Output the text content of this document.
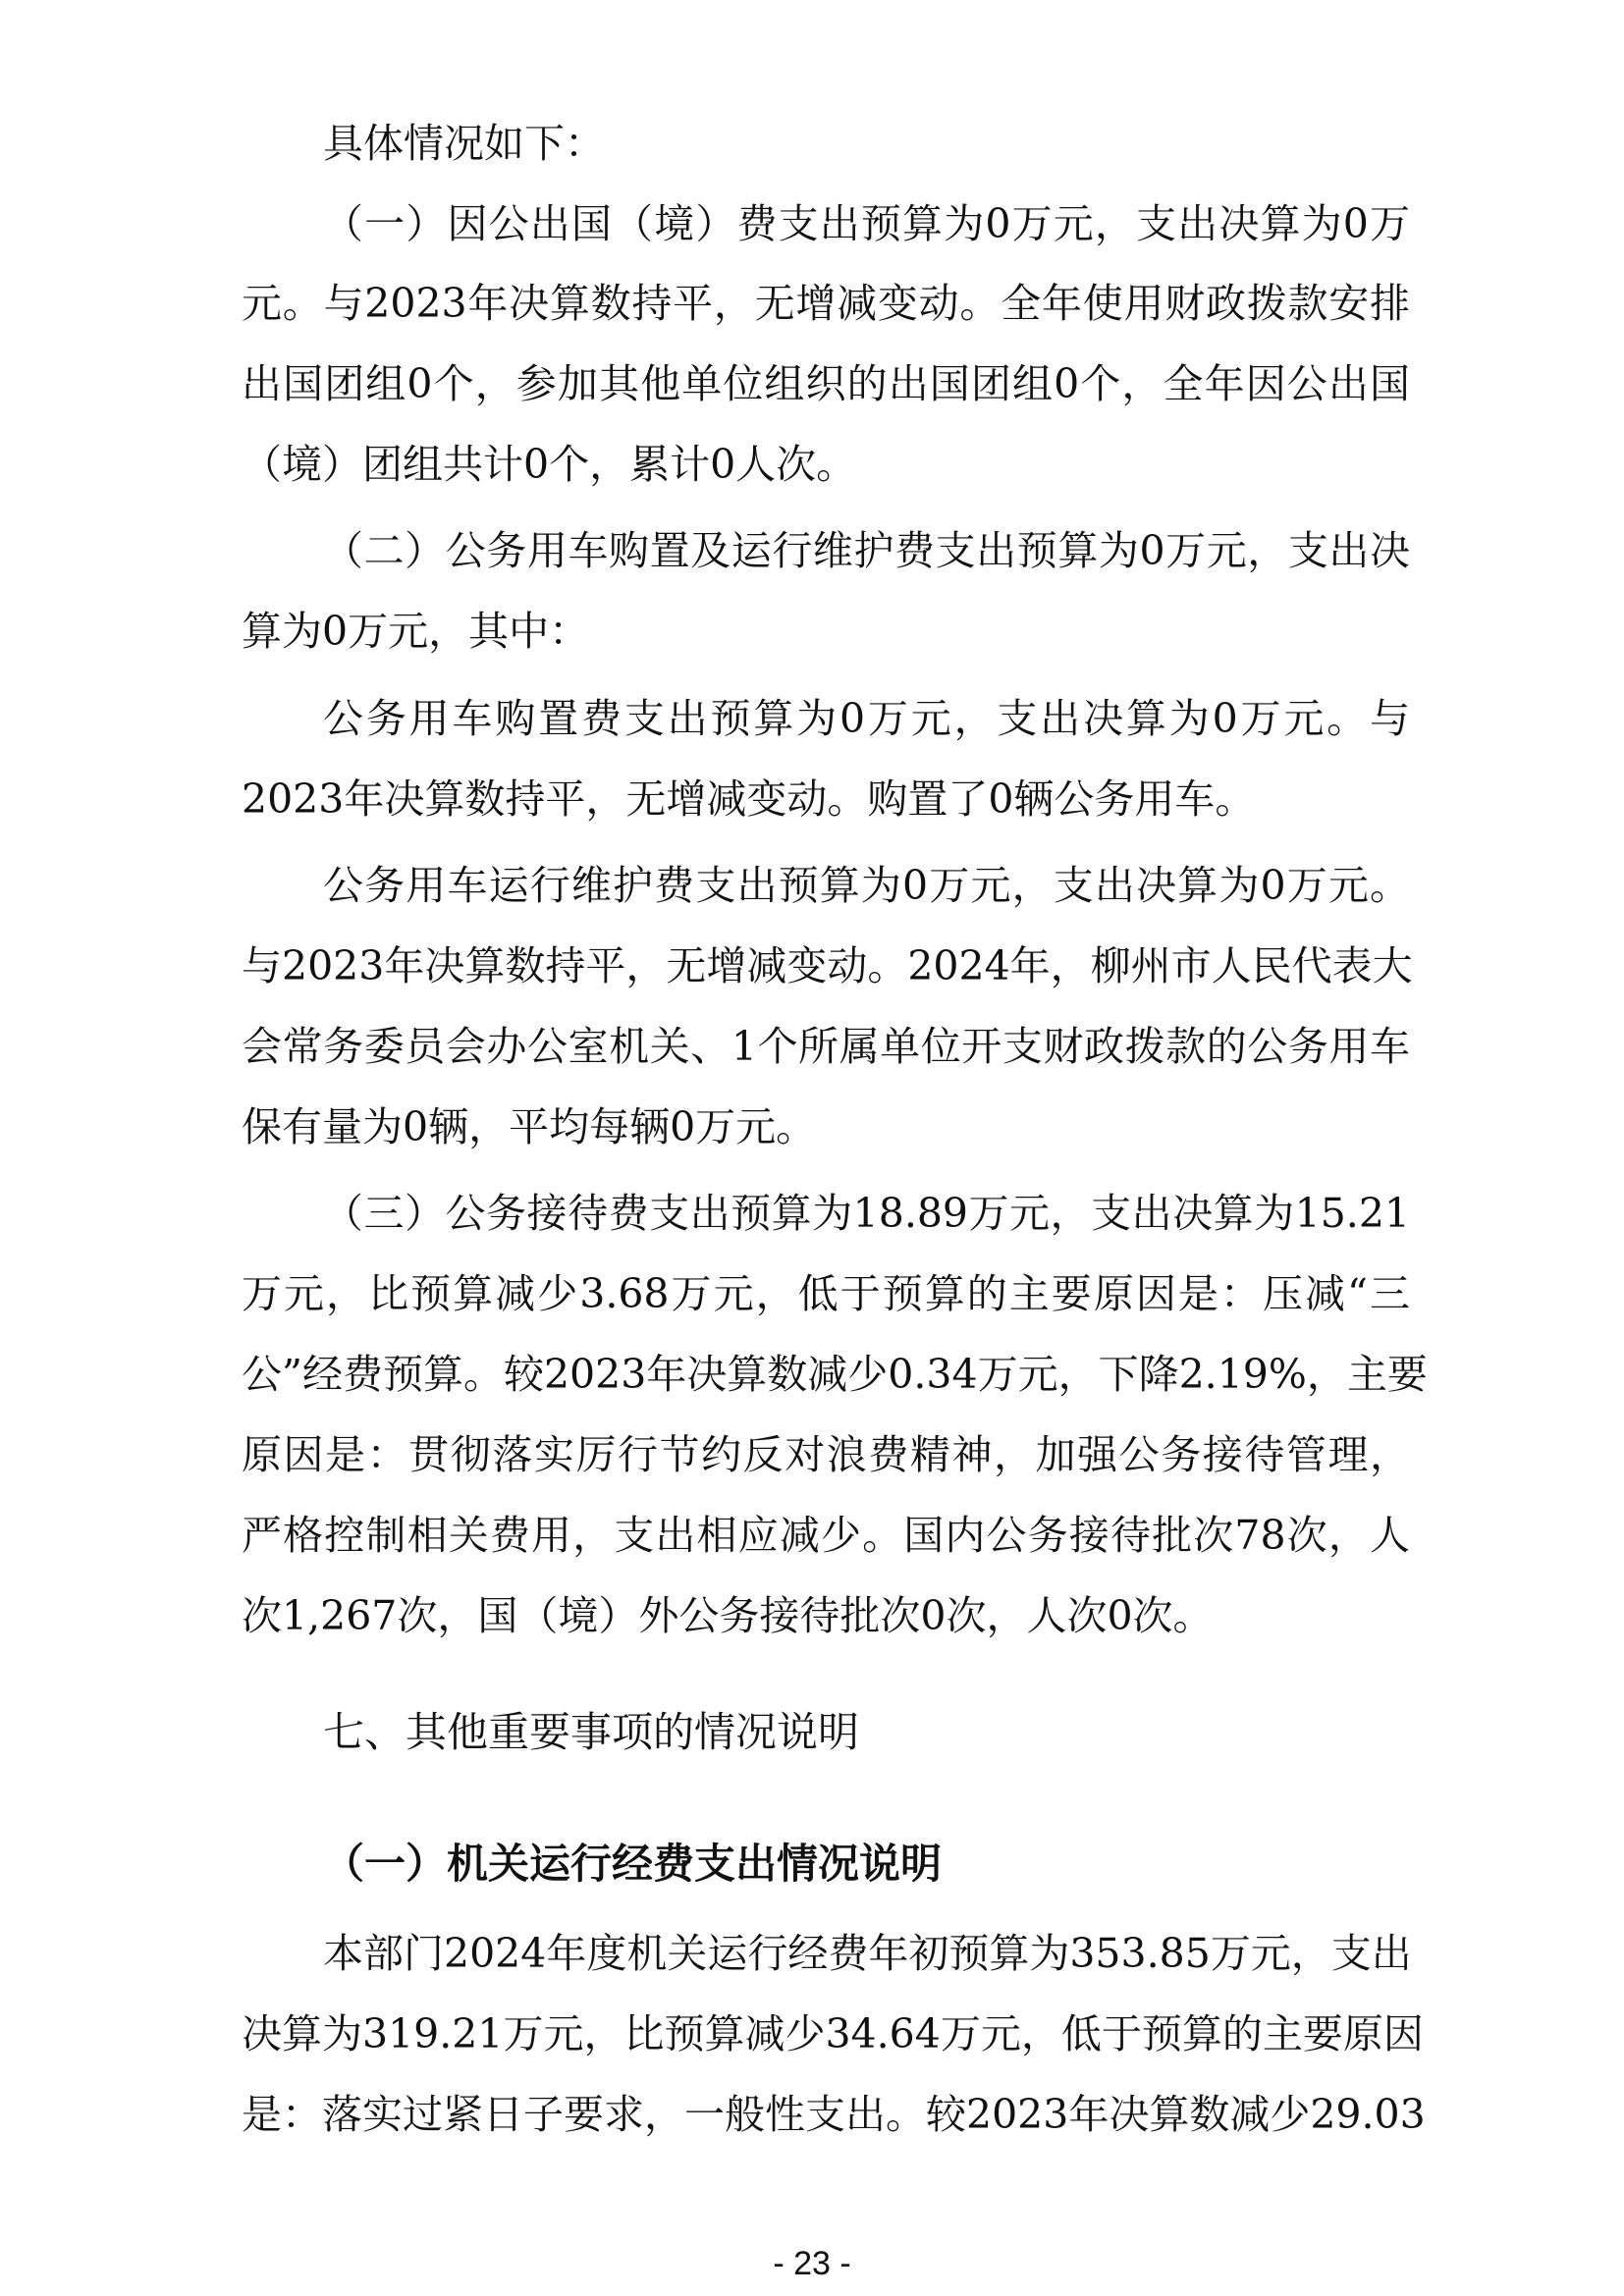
具体情况如下：
（一）因公出国（境）费支出预算为0万元，支出决算为0万
元。与2023年决算数持平，无增减变动。全年使用财政拨款安排
出国团组0个，参加其他单位组织的出国团组0个，全年因公出国
（境）团组共计0个，累计0人次。
（二）公务用车购置及运行维护费支出预算为0万元，支出决
算为0万元，其中：
公务用车购置费支出预算为0万元，支出决算为0万元。与
2023年决算数持平，无增减变动。购置了0辆公务用车。
公务用车运行维护费支出预算为0万元，支出决算为0万元。
与2023年决算数持平，无增减变动。2024年，柳州市人民代表大
会常务委员会办公室机关、1个所属单位开支财政拨款的公务用车
保有量为0辆，平均每辆0万元。
（三）公务接待费支出预算为18.89万元，支出决算为15.21
万元，比预算减少3.68万元，低于预算的主要原因是：压减“三
公”经费预算。较2023年决算数减少0.34万元，下降2.19%，主要
原因是：贯彻落实厉行节约反对浪费精神，加强公务接待管理，
严格控制相关费用，支出相应减少。国内公务接待批次78次，人
次1,267次，国（境）外公务接待批次0次，人次0次。
七、其他重要事项的情况说明
（一）机关运行经费支出情况说明
本部门2024年度机关运行经费年初预算为353.85万元，支出
决算为319.21万元，比预算减少34.64万元，低于预算的主要原因
是：落实过紧日子要求，一般性支出。较2023年决算数减少29.03
- 23 -
